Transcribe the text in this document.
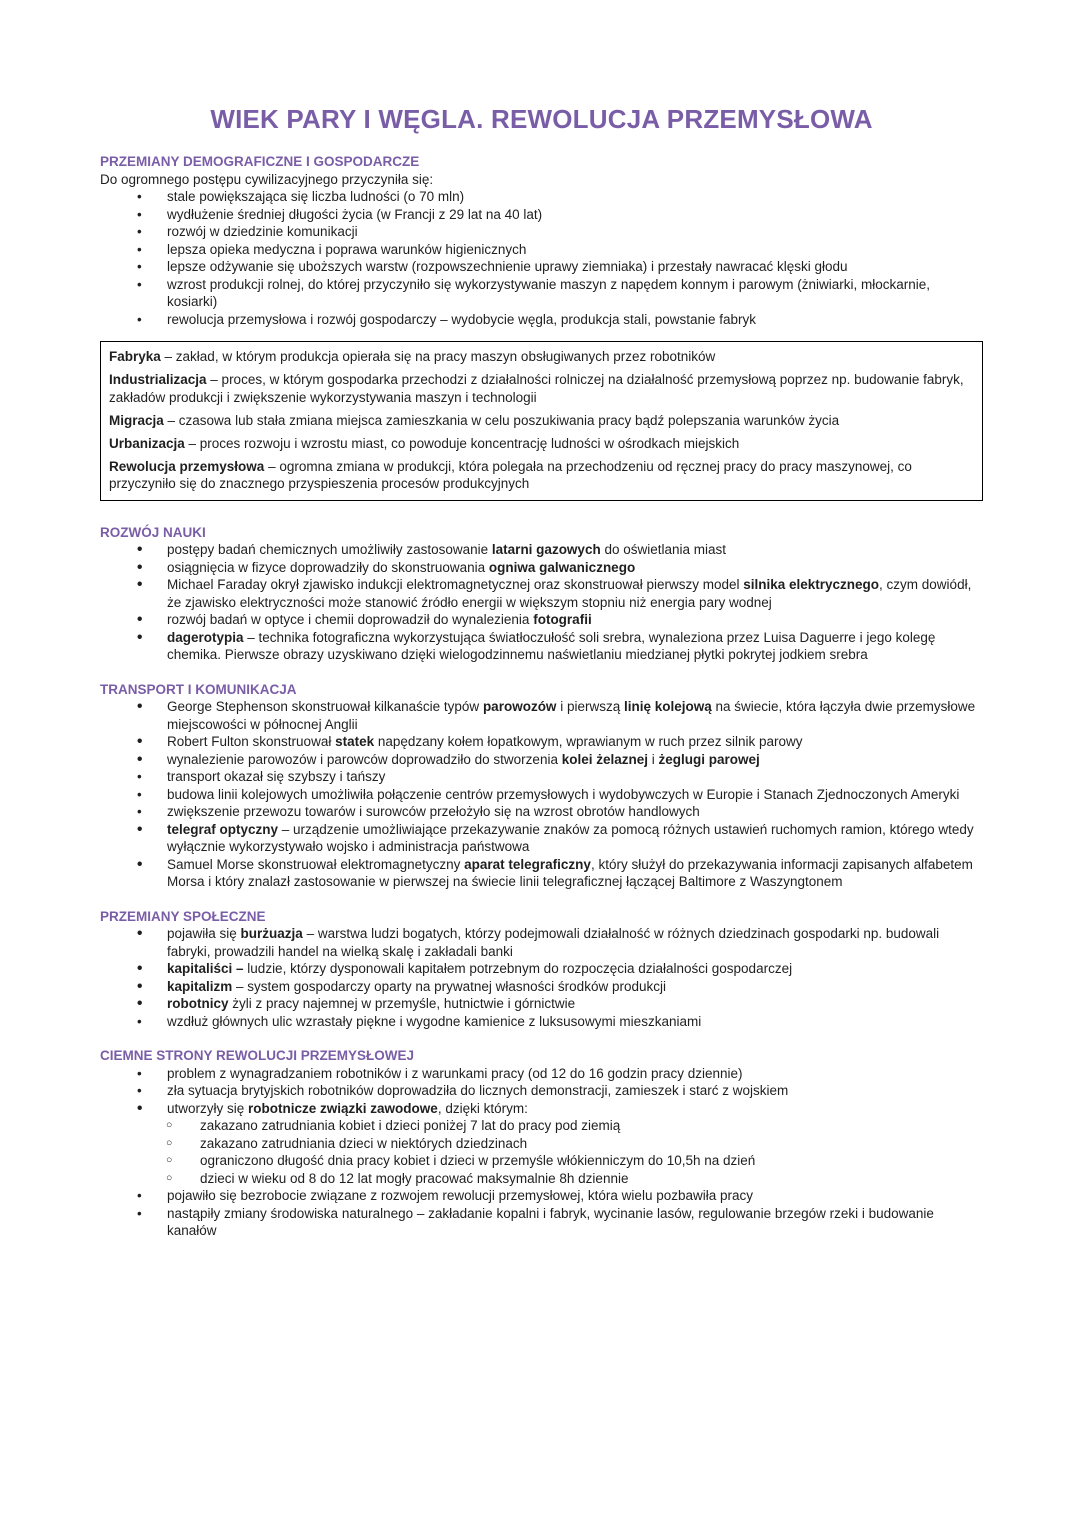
WIEK PARY I WĘGLA. REWOLUCJA PRZEMYSŁOWA
PRZEMIANY DEMOGRAFICZNE I GOSPODARCZE

Do ogromnego postępu cywilizacyjnego przyczyniła się:

• stale powiększająca się liczba ludności (o 70 mln)
• wydłużenie średniej długości życia (w Francji z 29 lat na 40 lat)
• rozwój w dziedzinie komunikacji
• lepsza opieka medyczna i poprawa warunków higienicznych
• lepsze odżywanie się uboższych warstw (rozpowszechnienie uprawy ziemniaka) i przestały nawracać klęski głodu
• wzrost produkcji rolnej, do której przyczyniło się wykorzystywanie maszyn z napędem konnym i parowym (żniwiarki, młockarnie, kosiarki)
• rewolucja przemysłowa i rozwój gospodarczy – wydobycie węgla, produkcja stali, powstanie fabryk

Fabryka – zakład, w którym produkcja opierała się na pracy maszyn obsługiwanych przez robotników

Industrializacja – proces, w którym gospodarka przechodzi z działalności rolniczej na działalność przemysłową poprzez np. budowanie fabryk, zakładów produkcji i zwiększenie wykorzystywania maszyn i technologii

Migracja – czasowa lub stała zmiana miejsca zamieszkania w celu poszukiwania pracy bądź polepszania warunków życia

Urbanizacja – proces rozwoju i wzrostu miast, co powoduje koncentrację ludności w ośrodkach miejskich

Rewolucja przemysłowa – ogromna zmiana w produkcji, która polegała na przechodzeniu od ręcznej pracy do pracy maszynowej, co przyczyniło się do znacznego przyspieszenia procesów produkcyjnych

ROZWÓJ NAUKI
• postępy badań chemicznych umożliwiły zastosowanie latarni gazowych do oświetlania miast
• osiągnięcia w fizyce doprowadziły do skonstruowania ogniwa galwanicznego
• Michael Faraday okrył zjawisko indukcji elektromagnetycznej oraz skonstruował pierwszy model silnika elektrycznego, czym dowiódł, że zjawisko elektryczności może stanowić źródło energii w większym stopniu niż energia pary wodnej
• rozwój badań w optyce i chemii doprowadził do wynalezienia fotografii
• dagerotypia – technika fotograficzna wykorzystująca światłoczułość soli srebra, wynaleziona przez Luisa Daguerre i jego kolegę chemika. Pierwsze obrazy uzyskiwano dzięki wielogodzinnemu naświetlaniu miedzianej płytki pokrytej jodkiem srebra
TRANSPORT I KOMUNIKACJA
• George Stephenson skonstruował kilkanaście typów parowozów i pierwszą linię kolejową na świecie, która łączyła dwie przemysłowe miejscowości w północnej Anglii
• Robert Fulton skonstruował statek napędzany kołem łopatkowym, wprawianym w ruch przez silnik parowy
• wynalezienie parowozów i parowców doprowadziło do stworzenia kolei żelaznej i żeglugi parowej
• transport okazał się szybszy i tańszy
• budowa linii kolejowych umożliwiła połączenie centrów przemysłowych i wydobywczych w Europie i Stanach Zjednoczonych Ameryki
• zwiększenie przewozu towarów i surowców przełożyło się na wzrost obrotów handlowych
• telegraf optyczny – urządzenie umożliwiające przekazywanie znaków za pomocą różnych ustawień ruchomych ramion, którego wtedy wyłącznie wykorzystywało wojsko i administracja państwowa
• Samuel Morse skonstruował elektromagnetyczny aparat telegraficzny, który służył do przekazywania informacji zapisanych alfabetem Morsa i który znalazł zastosowanie w pierwszej na świecie linii telegraficznej łączącej Baltimore z Waszyngtonem
PRZEMIANY SPOŁECZNE
• pojawiła się burżuazja – warstwa ludzi bogatych, którzy podejmowali działalność w różnych dziedzinach gospodarki np. budowali fabryki, prowadzili handel na wielką skalę i zakładali banki
• kapitaliści – ludzie, którzy dysponowali kapitałem potrzebnym do rozpoczęcia działalności gospodarczej
• kapitalizm – system gospodarczy oparty na prywatnej własności środków produkcji
• robotnicy żyli z pracy najemnej w przemyśle, hutnictwie i górnictwie
• wzdłuż głównych ulic wzrastały piękne i wygodne kamienice z luksusowymi mieszkaniami
CIEMNE STRONY REWOLUCJI PRZEMYSŁOWEJ
• problem z wynagradzaniem robotników i z warunkami pracy (od 12 do 16 godzin pracy dziennie)
• zła sytuacja brytyjskich robotników doprowadziła do licznych demonstracji, zamieszek i starć z wojskiem
• utworzyły się robotnicze związki zawodowe, dzięki którym:
○ zakazano zatrudniania kobiet i dzieci poniżej 7 lat do pracy pod ziemią
○ zakazano zatrudniania dzieci w niektórych dziedzinach
○ ograniczono długość dnia pracy kobiet i dzieci w przemyśle włókienniczym do 10,5h na dzień
○ dzieci w wieku od 8 do 12 lat mogły pracować maksymalnie 8h dziennie
• pojawiło się bezrobocie związane z rozwojem rewolucji przemysłowej, która wielu pozbawiła pracy
• nastąpiły zmiany środowiska naturalnego – zakładanie kopalni i fabryk, wycinanie lasów, regulowanie brzegów rzeki i budowanie kanałów
